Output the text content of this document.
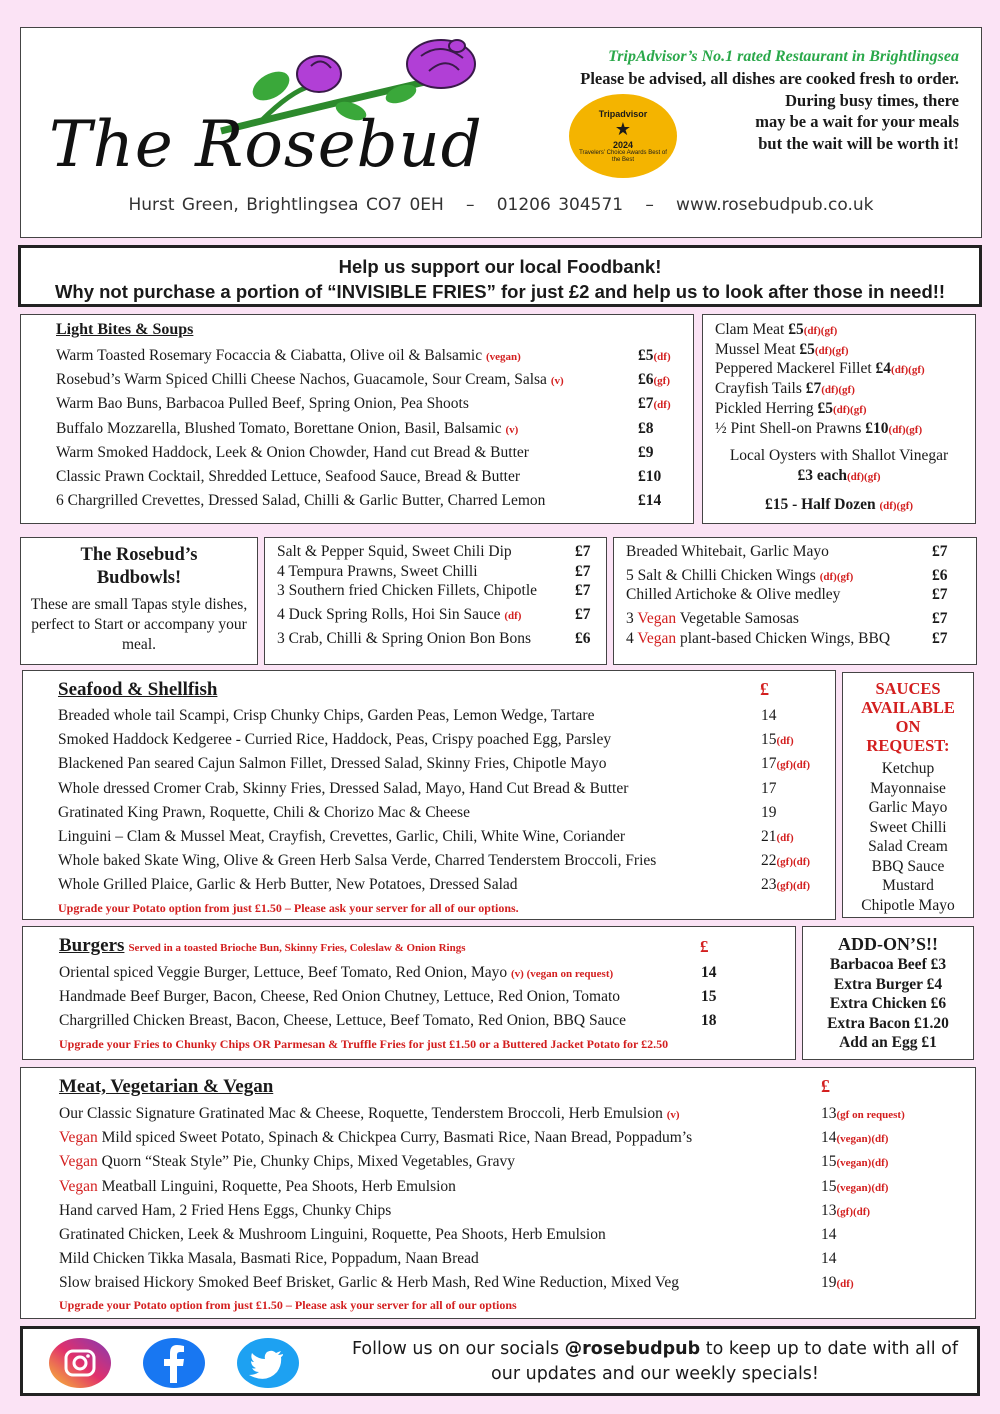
The Rosebud
TripAdvisor’s No.1 rated Restaurant in Brightlingsea
Please be advised, all dishes are cooked fresh to order.
During busy times, there
may be a wait for your meals
but the wait will be worth it!
Tripadvisor
★
2024
Travelers’ Choice Awards Best of the Best
Hurst Green, Brightlingsea CO7 0EH – 01206 304571 – www.rosebudpub.co.uk
Help us support our local Foodbank!
Why not purchase a portion of “INVISIBLE FRIES” for just £2 and help us to look after those in need!!
Light Bites & Soups
Warm Toasted Rosemary Focaccia & Ciabatta, Olive oil & Balsamic (vegan)	£5(df)
Rosebud’s Warm Spiced Chilli Cheese Nachos, Guacamole, Sour Cream, Salsa (v)	£6(gf)
Warm Bao Buns, Barbacoa Pulled Beef, Spring Onion, Pea Shoots	£7(df)
Buffalo Mozzarella, Blushed Tomato, Borettane Onion, Basil, Balsamic (v)	£8
Warm Smoked Haddock, Leek & Onion Chowder, Hand cut Bread & Butter	£9
Classic Prawn Cocktail, Shredded Lettuce, Seafood Sauce, Bread & Butter	£10
6 Chargrilled Crevettes, Dressed Salad, Chilli & Garlic Butter, Charred Lemon	£14
Clam Meat £5(df)(gf)
Mussel Meat £5(df)(gf)
Peppered Mackerel Fillet £4(df)(gf)
Crayfish Tails £7(df)(gf)
Pickled Herring £5(df)(gf)
½ Pint Shell-on Prawns £10(df)(gf)
Local Oysters with Shallot Vinegar
£3 each(df)(gf)
£15 - Half Dozen (df)(gf)
The Rosebud’s
Budbowls!
These are small Tapas style dishes, perfect to Start or accompany your meal.
Salt & Pepper Squid, Sweet Chili Dip	£7
4 Tempura Prawns, Sweet Chilli	£7
3 Southern fried Chicken Fillets, Chipotle £7
4 Duck Spring Rolls, Hoi Sin Sauce (df)	£7
3 Crab, Chilli & Spring Onion Bon Bons	£6
Breaded Whitebait, Garlic Mayo	£7
5 Salt & Chilli Chicken Wings (df)(gf)	£6
Chilled Artichoke & Olive medley	£7
3 Vegan Vegetable Samosas	£7
4 Vegan plant-based Chicken Wings, BBQ	£7
Seafood & Shellfish	£
Breaded whole tail Scampi, Crisp Chunky Chips, Garden Peas, Lemon Wedge, Tartare	14
Smoked Haddock Kedgeree - Curried Rice, Haddock, Peas, Crispy poached Egg, Parsley	15(df)
Blackened Pan seared Cajun Salmon Fillet, Dressed Salad, Skinny Fries, Chipotle Mayo	17(gf)(df)
Whole dressed Cromer Crab, Skinny Fries, Dressed Salad, Mayo, Hand Cut Bread & Butter	17
Gratinated King Prawn, Roquette, Chili & Chorizo Mac & Cheese	19
Linguini – Clam & Mussel Meat, Crayfish, Crevettes, Garlic, Chili, White Wine, Coriander	21(df)
Whole baked Skate Wing, Olive & Green Herb Salsa Verde, Charred Tenderstem Broccoli, Fries	22(gf)(df)
Whole Grilled Plaice, Garlic & Herb Butter, New Potatoes, Dressed Salad	23(gf)(df)
Upgrade your Potato option from just £1.50 – Please ask your server for all of our options.
SAUCES
AVAILABLE
ON
REQUEST:
Ketchup
Mayonnaise
Garlic Mayo
Sweet Chilli
Salad Cream
BBQ Sauce
Mustard
Chipotle Mayo
Burgers Served in a toasted Brioche Bun, Skinny Fries, Coleslaw & Onion Rings	£
Oriental spiced Veggie Burger, Lettuce, Beef Tomato, Red Onion, Mayo (v) (vegan on request)	14
Handmade Beef Burger, Bacon, Cheese, Red Onion Chutney, Lettuce, Red Onion, Tomato	15
Chargrilled Chicken Breast, Bacon, Cheese, Lettuce, Beef Tomato, Red Onion, BBQ Sauce	18
Upgrade your Fries to Chunky Chips OR Parmesan & Truffle Fries for just £1.50 or a Buttered Jacket Potato for £2.50
ADD-ON’S!!
Barbacoa Beef £3
Extra Burger £4
Extra Chicken £6
Extra Bacon £1.20
Add an Egg £1
Meat, Vegetarian & Vegan	£
Our Classic Signature Gratinated Mac & Cheese, Roquette, Tenderstem Broccoli, Herb Emulsion (v)	13(gf on request)
Vegan Mild spiced Sweet Potato, Spinach & Chickpea Curry, Basmati Rice, Naan Bread, Poppadum’s	14(vegan)(df)
Vegan Quorn “Steak Style” Pie, Chunky Chips, Mixed Vegetables, Gravy	15(vegan)(df)
Vegan Meatball Linguini, Roquette, Pea Shoots, Herb Emulsion	15(vegan)(df)
Hand carved Ham, 2 Fried Hens Eggs, Chunky Chips	13(gf)(df)
Gratinated Chicken, Leek & Mushroom Linguini, Roquette, Pea Shoots, Herb Emulsion	14
Mild Chicken Tikka Masala, Basmati Rice, Poppadum, Naan Bread	14
Slow braised Hickory Smoked Beef Brisket, Garlic & Herb Mash, Red Wine Reduction, Mixed Veg	19(df)
Upgrade your Potato option from just £1.50 – Please ask your server for all of our options
Follow us on our socials @rosebudpub to keep up to date with all of our updates and our weekly specials!
